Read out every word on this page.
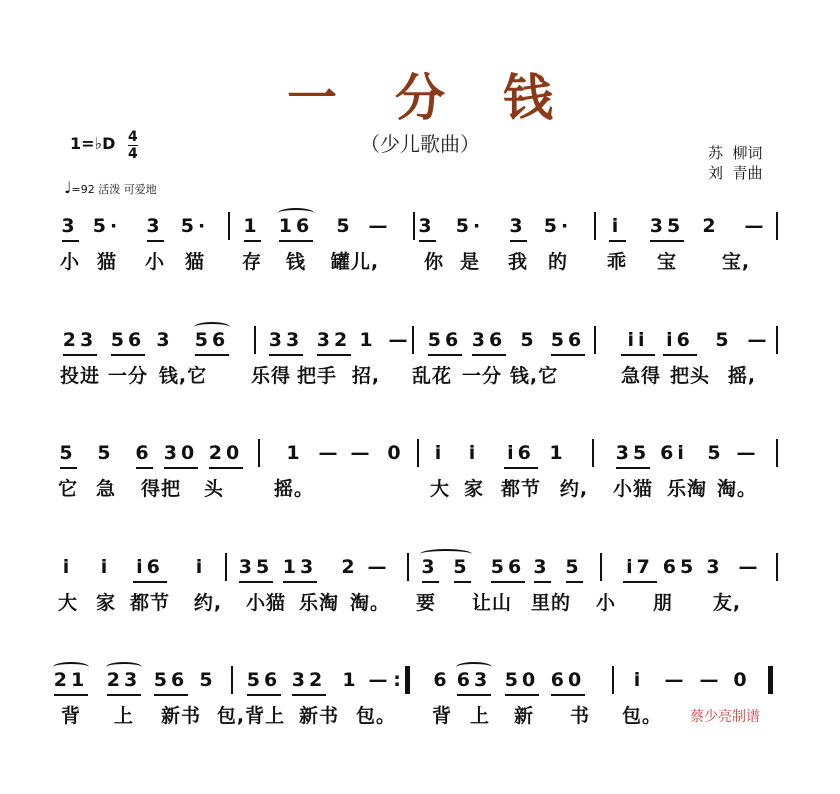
一分钱
（少儿歌曲）
1=♭D 4
4
♩=92 活泼 可爱地
苏  柳词
刘  青曲
3 5· 3 5· 1 16 5 — 3 5· 3 5· i 35 2 —
小 猫 小 猫 存 钱 罐儿, 你 是 我 的 乖 宝 宝,
23 56 3 56 33 32 1 — 56 36 5 56 ii i6 5 —
投进 一分 钱,它 乐得 把手 招, 乱花 一分 钱,它	急得 把头 摇,
5 5 6 30 20 1 — — 0 i i i6 1	35 6i 5 —
它 急 得把 头	摇。	大 家 都节 约, 小猫 乐淘 淘。
i i i6 i 35 13 2 — 3 5 56 3 5 i7 65 3 —
大 家 都节 约, 小猫 乐淘 淘。 要 让山 里的 小 朋 友,
21 23 56 5 56 32 1 — : 6 63 50 60	i — — 0
背 上 新书 包,背上 新书 包。 背 上 新 书 包。 蔡少亮制谱
